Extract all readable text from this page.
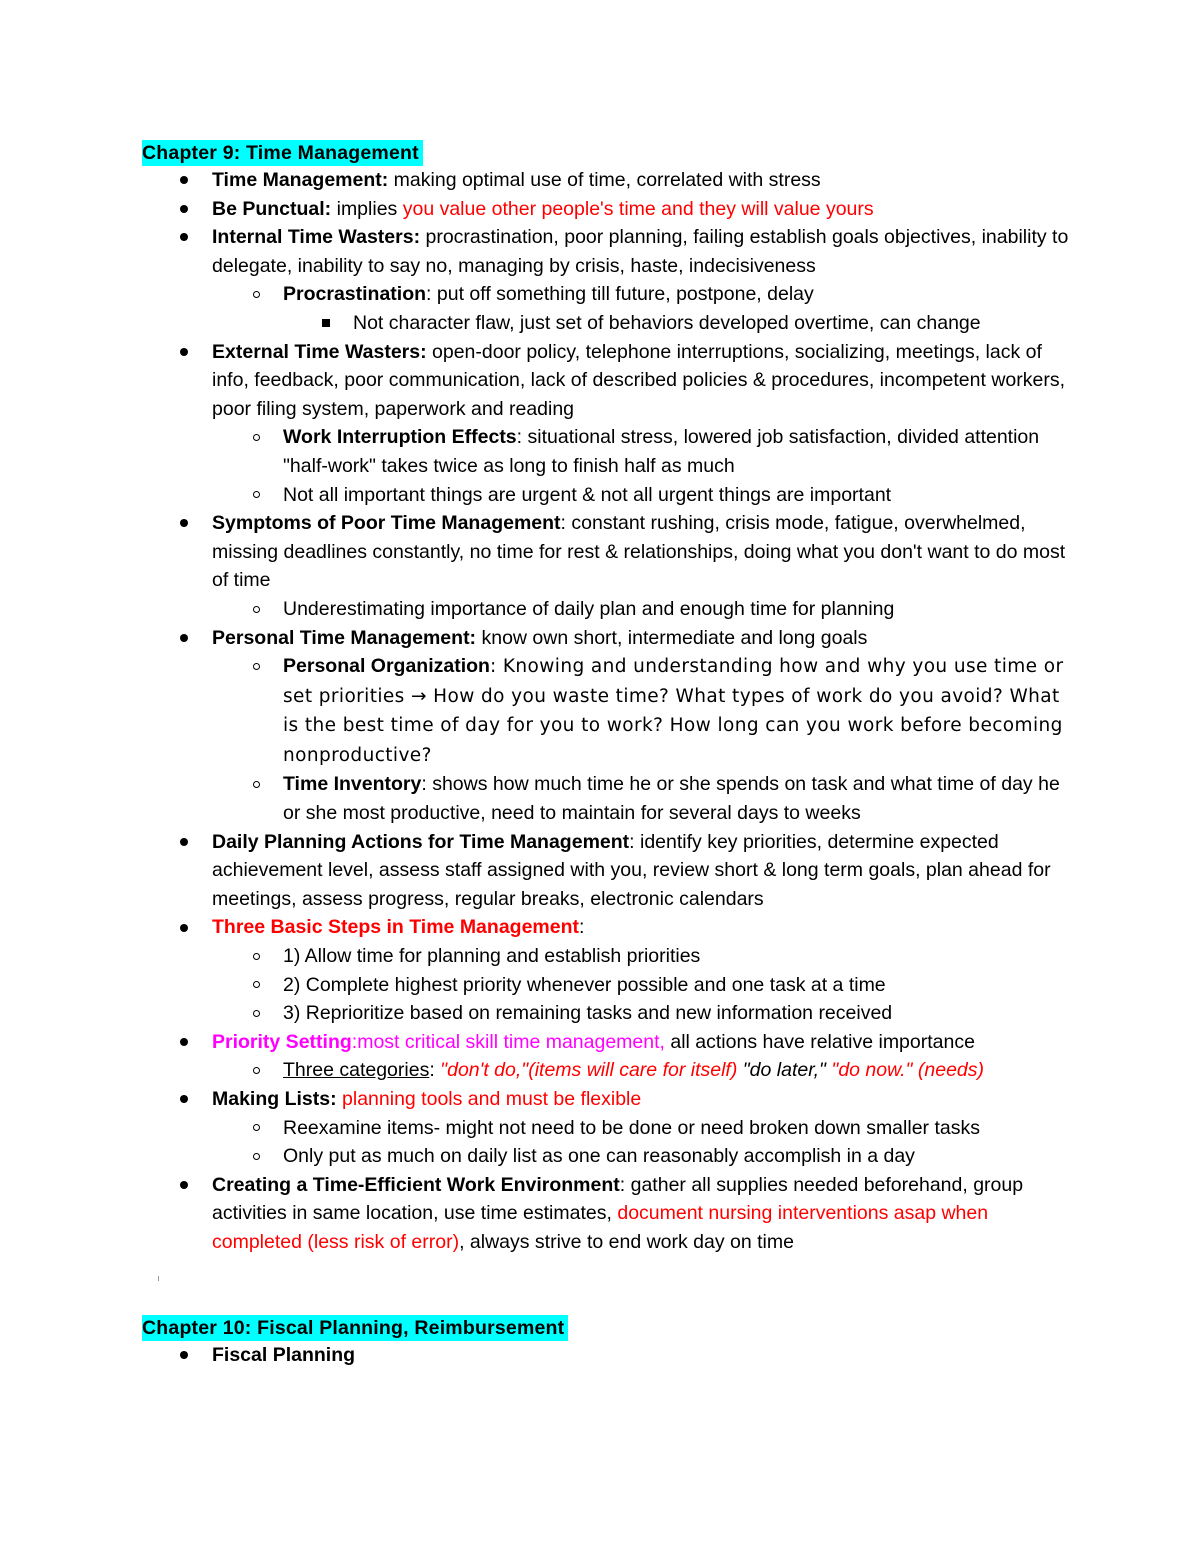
Chapter 9: Time Management
Time Management: making optimal use of time, correlated with stress
Be Punctual: implies you value other people's time and they will value yours
Internal Time Wasters: procrastination, poor planning, failing establish goals objectives, inability to delegate, inability to say no, managing by crisis, haste, indecisiveness
Procrastination: put off something till future, postpone, delay
Not character flaw, just set of behaviors developed overtime, can change
External Time Wasters: open-door policy, telephone interruptions, socializing, meetings, lack of info, feedback, poor communication, lack of described policies & procedures, incompetent workers, poor filing system, paperwork and reading
Work Interruption Effects: situational stress, lowered job satisfaction, divided attention "half-work" takes twice as long to finish half as much
Not all important things are urgent & not all urgent things are important
Symptoms of Poor Time Management: constant rushing, crisis mode, fatigue, overwhelmed, missing deadlines constantly, no time for rest & relationships, doing what you don't want to do most of time
Underestimating importance of daily plan and enough time for planning
Personal Time Management: know own short, intermediate and long goals
Personal Organization: Knowing and understanding how and why you use time or set priorities → How do you waste time? What types of work do you avoid? What is the best time of day for you to work? How long can you work before becoming nonproductive?
Time Inventory: shows how much time he or she spends on task and what time of day he or she most productive, need to maintain for several days to weeks
Daily Planning Actions for Time Management: identify key priorities, determine expected achievement level, assess staff assigned with you, review short & long term goals, plan ahead for meetings, assess progress, regular breaks, electronic calendars
Three Basic Steps in Time Management:
1) Allow time for planning and establish priorities
2) Complete highest priority whenever possible and one task at a time
3) Reprioritize based on remaining tasks and new information received
Priority Setting:most critical skill time management, all actions have relative importance
Three categories: "don't do,"(items will care for itself) "do later," "do now." (needs)
Making Lists: planning tools and must be flexible
Reexamine items- might not need to be done or need broken down smaller tasks
Only put as much on daily list as one can reasonably accomplish in a day
Creating a Time-Efficient Work Environment: gather all supplies needed beforehand, group activities in same location, use time estimates, document nursing interventions asap when completed (less risk of error), always strive to end work day on time
Chapter 10: Fiscal Planning, Reimbursement
Fiscal Planning
